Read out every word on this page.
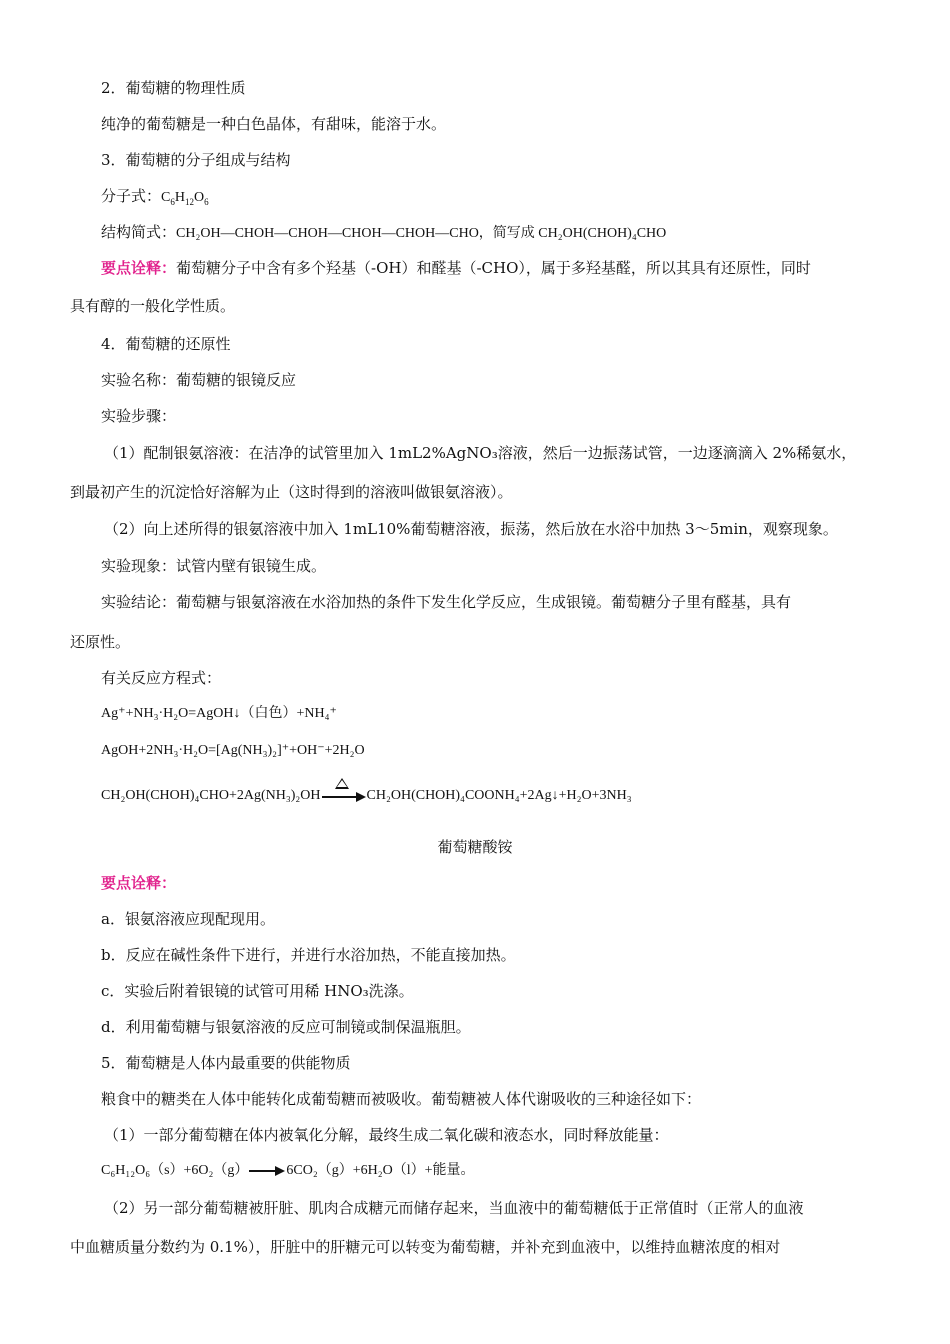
2．葡萄糖的物理性质
纯净的葡萄糖是一种白色晶体，有甜味，能溶于水。
3．葡萄糖的分子组成与结构
分子式：$C_6H_{12}O_6$
结构简式：CH₂OH—CHOH—CHOH—CHOH—CHOH—CHO，简写成 CH₂OH(CHOH)₄CHO
要点诠释：葡萄糖分子中含有多个羟基（-OH）和醛基（-CHO），属于多羟基醛，所以其具有还原性，同时
具有醇的一般化学性质。
4．葡萄糖的还原性
实验名称：葡萄糖的银镜反应
实验步骤：
（1）配制银氨溶液：在洁净的试管里加入 1mL2%AgNO₃溶液，然后一边振荡试管，一边逐滴滴入 2%稀氨水，
到最初产生的沉淀恰好溶解为止（这时得到的溶液叫做银氨溶液）。
（2）向上述所得的银氨溶液中加入 1mL10%葡萄糖溶液，振荡，然后放在水浴中加热 3～5min，观察现象。
实验现象：试管内壁有银镜生成。
实验结论：葡萄糖与银氨溶液在水浴加热的条件下发生化学反应，生成银镜。葡萄糖分子里有醛基，具有
还原性。
有关反应方程式：
Ag⁺+NH₃·H₂O=AgOH↓（白色）+NH₄⁺
AgOH+2NH₃·H₂O=[Ag(NH₃)₂]⁺+OH⁻+2H₂O
CH₂OH(CHOH)₄CHO+2Ag(NH₃)₂OH	CH₂OH(CHOH)₄COONH₄+2Ag↓+H₂O+3NH₃
葡萄糖酸铵
要点诠释：
a．银氨溶液应现配现用。
b．反应在碱性条件下进行，并进行水浴加热，不能直接加热。
c．实验后附着银镜的试管可用稀 HNO₃洗涤。
d．利用葡萄糖与银氨溶液的反应可制镜或制保温瓶胆。
5．葡萄糖是人体内最重要的供能物质
粮食中的糖类在人体中能转化成葡萄糖而被吸收。葡萄糖被人体代谢吸收的三种途径如下：
（1）一部分葡萄糖在体内被氧化分解，最终生成二氧化碳和液态水，同时释放能量：
C₆H₁₂O₆（s）+6O₂（g）	6CO₂（g）+6H₂O（l）+能量。
（2）另一部分葡萄糖被肝脏、肌肉合成糖元而储存起来，当血液中的葡萄糖低于正常值时（正常人的血液
中血糖质量分数约为 0.1%），肝脏中的肝糖元可以转变为葡萄糖，并补充到血液中，以维持血糖浓度的相对
